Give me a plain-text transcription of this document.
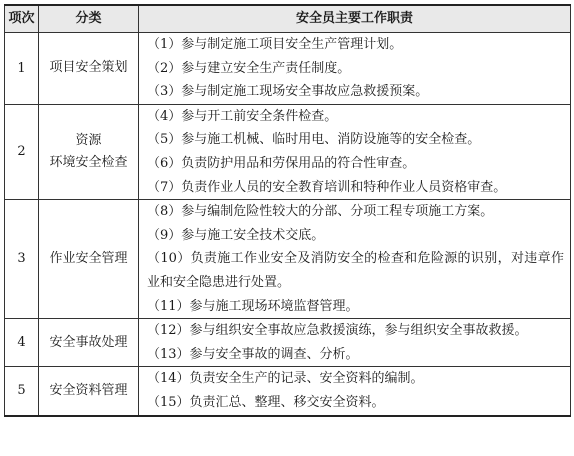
项次	分类	安全员主要工作职责
1	项目安全策划	（1）参与制定施工项目安全生产管理计划。
（2）参与建立安全生产责任制度。
（3）参与制定施工现场安全事故应急救援预案。

2	资源
环境安全检查	（4）参与开工前安全条件检查。
（5）参与施工机械、临时用电、消防设施等的安全检查。
（6）负责防护用品和劳保用品的符合性审查。
（7）负责作业人员的安全教育培训和特种作业人员资格审查。

3	作业安全管理	（8）参与编制危险性较大的分部、分项工程专项施工方案。
（9）参与施工安全技术交底。
（10）负责施工作业安全及消防安全的检查和危险源的识别，对违章作业和安全隐患进行处置。
（11）参与施工现场环境监督管理。

4	安全事故处理	（12）参与组织安全事故应急救援演练，参与组织安全事故救援。
（13）参与安全事故的调查、分析。

5	安全资料管理	（14）负责安全生产的记录、安全资料的编制。
（15）负责汇总、整理、移交安全资料。
